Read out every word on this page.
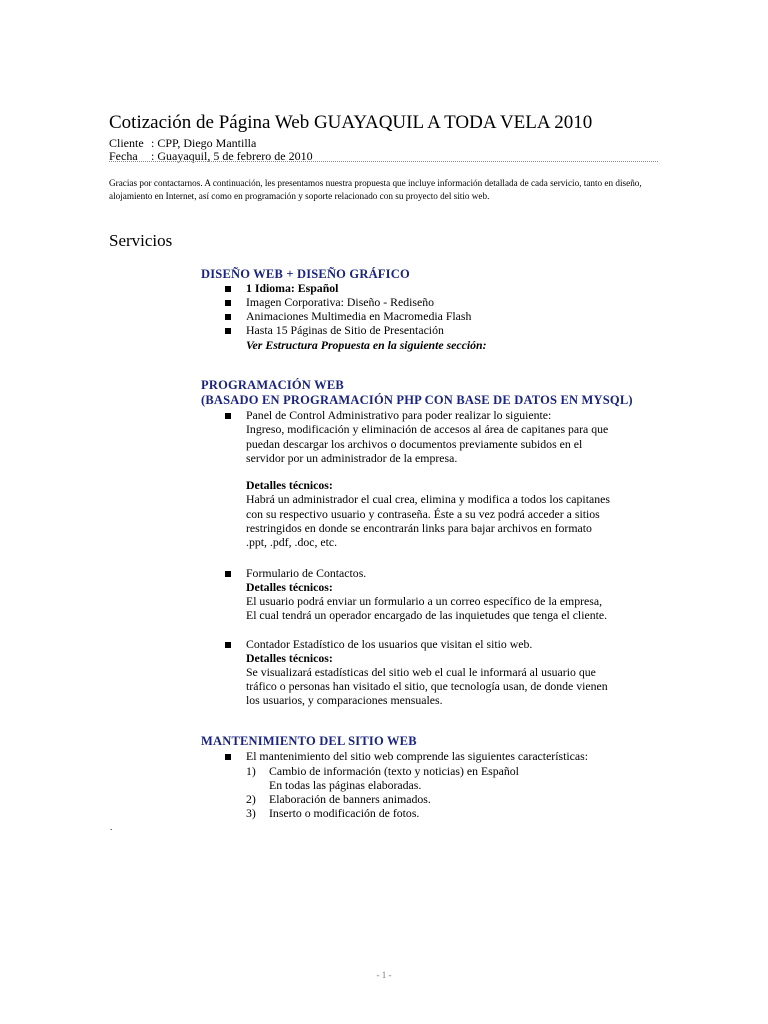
Cotización de Página Web GUAYAQUIL A TODA VELA 2010
Cliente : CPP, Diego Mantilla
Fecha : Guayaquil, 5 de febrero de 2010
Gracias por contactarnos. A continuación, les presentamos nuestra propuesta que incluye información detallada de cada servicio, tanto en diseño, alojamiento en Internet, así como en programación y soporte relacionado con su proyecto del sitio web.
Servicios
DISEÑO WEB + DISEÑO GRÁFICO
1 Idioma: Español
Imagen Corporativa: Diseño - Rediseño
Animaciones Multimedia en Macromedia Flash
Hasta 15 Páginas de Sitio de Presentación
Ver Estructura Propuesta en la siguiente sección:
PROGRAMACIÓN WEB
(BASADO EN PROGRAMACIÓN PHP CON BASE DE DATOS EN MYSQL)
Panel de Control Administrativo para poder realizar lo siguiente:
Ingreso, modificación y eliminación de accesos al área de capitanes para que
puedan descargar los archivos o documentos previamente subidos en el
servidor por un administrador de la empresa.
Detalles técnicos:
Habrá un administrador el cual crea, elimina y modifica a todos los capitanes
con su respectivo usuario y contraseña. Éste a su vez podrá acceder a sitios
restringidos en donde se encontrarán links para bajar archivos en formato
.ppt, .pdf, .doc, etc.
Formulario de Contactos.
Detalles técnicos:
El usuario podrá enviar un formulario a un correo específico de la empresa,
El cual tendrá un operador encargado de las inquietudes que tenga el cliente.
Contador Estadístico de los usuarios que visitan el sitio web.
Detalles técnicos:
Se visualizará estadísticas del sitio web el cual le informará al usuario que
tráfico o personas han visitado el sitio, que tecnología usan, de donde vienen
los usuarios, y comparaciones mensuales.
MANTENIMIENTO DEL SITIO WEB
El mantenimiento del sitio web comprende las siguientes características:
1) Cambio de información (texto y noticias) en Español
En todas las páginas elaboradas.
2) Elaboración de banners animados.
3) Inserto o modificación de fotos.
.
- 1 -
